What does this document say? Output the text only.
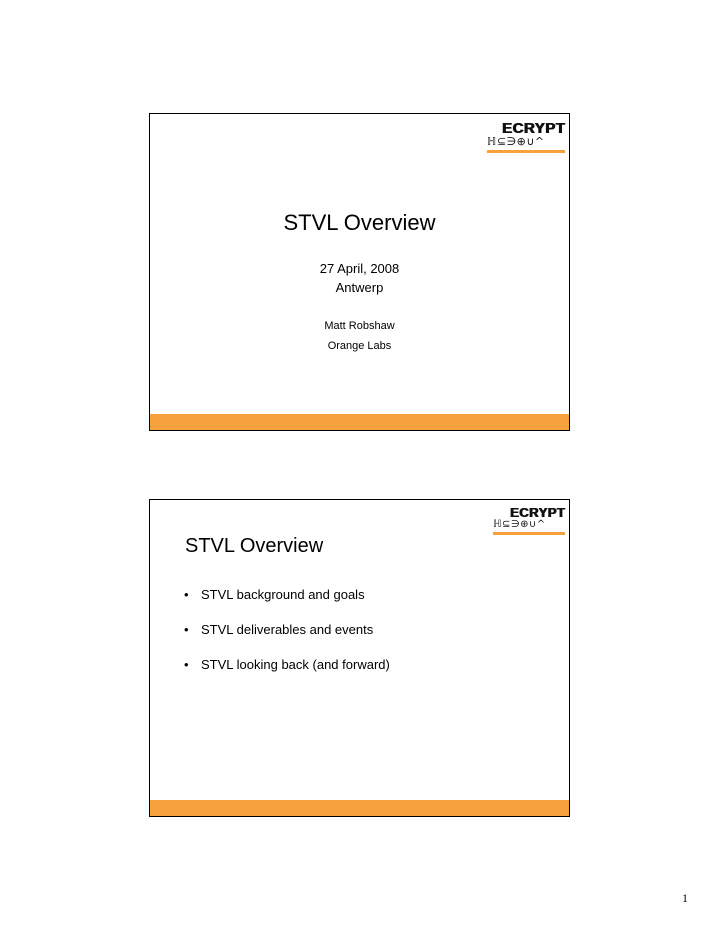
ECRYPT
ℍ⊆∋⊕∪^
STVL Overview
27 April, 2008
Antwerp
Matt Robshaw
Orange Labs
ECRYPT
ℍ⊆∋⊕∪^
STVL Overview
• STVL background and goals
• STVL deliverables and events
• STVL looking back (and forward)
1
